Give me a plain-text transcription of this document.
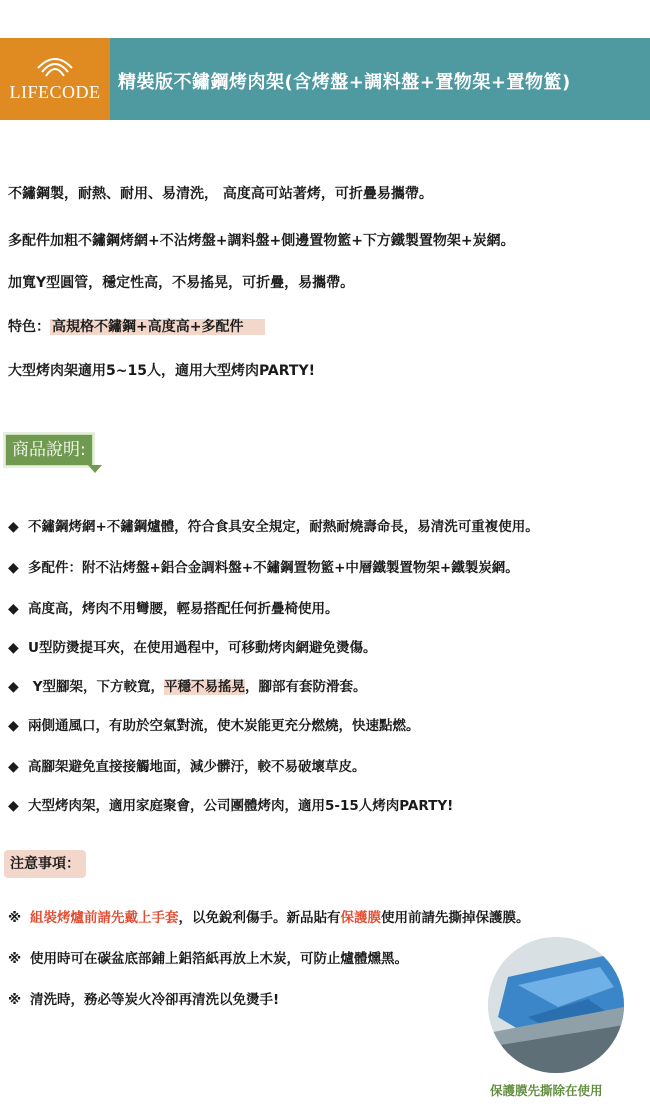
LIFECODE 精裝版不鏽鋼烤肉架(含烤盤+調料盤+置物架+置物籃)
不鏽鋼製，耐熱、耐用、易清洗， 高度高可站著烤，可折疊易攜帶。
多配件加粗不鏽鋼烤網+不沾烤盤+調料盤+側邊置物籃+下方鐵製置物架+炭網。
加寬Y型圓管，穩定性高，不易搖晃，可折疊，易攜帶。
特色： 高規格不鏽鋼+高度高+多配件
大型烤肉架適用5~15人，適用大型烤肉PARTY!
商品說明:
◆ 不鏽鋼烤網+不鏽鋼爐體，符合食具安全規定，耐熱耐燒壽命長，易清洗可重複使用。
◆ 多配件：附不沾烤盤+鋁合金調料盤+不鏽鋼置物籃+中層鐵製置物架+鐵製炭網。
◆ 高度高，烤肉不用彎腰，輕易搭配任何折疊椅使用。
◆ U型防燙提耳夾，在使用過程中，可移動烤肉網避免燙傷。
◆ Y型腳架，下方較寬，平穩不易搖晃，腳部有套防滑套。
◆ 兩側通風口，有助於空氣對流，使木炭能更充分燃燒，快速點燃。
◆ 高腳架避免直接接觸地面，減少髒汙，較不易破壞草皮。
◆ 大型烤肉架，適用家庭聚會，公司團體烤肉，適用5-15人烤肉PARTY!
注意事項：
※ 組裝烤爐前請先戴上手套，以免銳利傷手。新品貼有保護膜使用前請先撕掉保護膜。
※ 使用時可在碳盆底部鋪上鋁箔紙再放上木炭，可防止爐體燻黑。
※ 清洗時，務必等炭火冷卻再清洗以免燙手!
保護膜先撕除在使用
